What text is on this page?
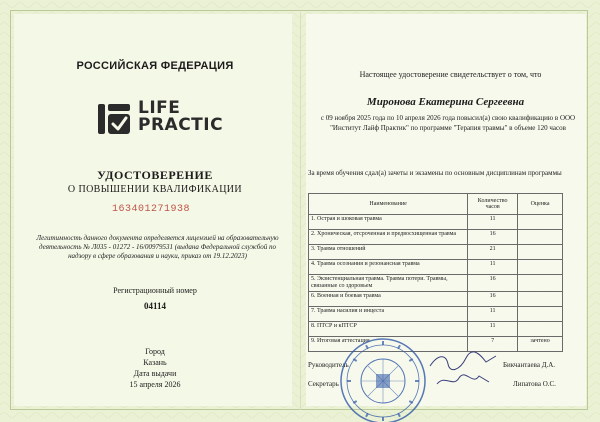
РОССИЙСКАЯ ФЕДЕРАЦИЯ
LIFE
PRACTIC
УДОСТОВЕРЕНИЕ
О ПОВЫШЕНИИ КВАЛИФИКАЦИИ
163401271938
Легитимность данного документа определяется лицензией на образовательную деятельность № Л035 - 01272 - 16/00979531 (выдана Федеральной службой по надзору в сфере образования и науки, приказ от 19.12.2023)
Регистрационный номер
04114
Город
Казань
Дата выдачи
15 апреля 2026
Настоящее удостоверение свидетельствует о том, что
Миронова Екатерина Сергеевна
с 09 ноября 2025 года по 10 апреля 2026 года повысил(а) свою квалификацию в ООО "Институт Лайф Практик" по программе "Терапия травмы" в объеме 120 часов
За время обучения сдал(а) зачеты и экзамены по основным дисциплинам программы
Наименование	Количество часов	Оценка
1. Острая и шоковая травма	11	
2. Хроническая, отсроченная и предвосхищенная травма	16	
3. Травма отношений	21	
4. Травма осознания и резонансная травма	11	
5. Экзистенциальная травма. Травма потери. Травмы, связанные со здоровьем	16	
6. Военная и боевая травма	16	
7. Травма насилия и инцеста	11	
8. ПТСР и кПТСР	11	
9. Итоговая аттестация	7	зачтено
Руководитель	Бикчантаева Д.А.
Секретарь	Липатова О.С.
